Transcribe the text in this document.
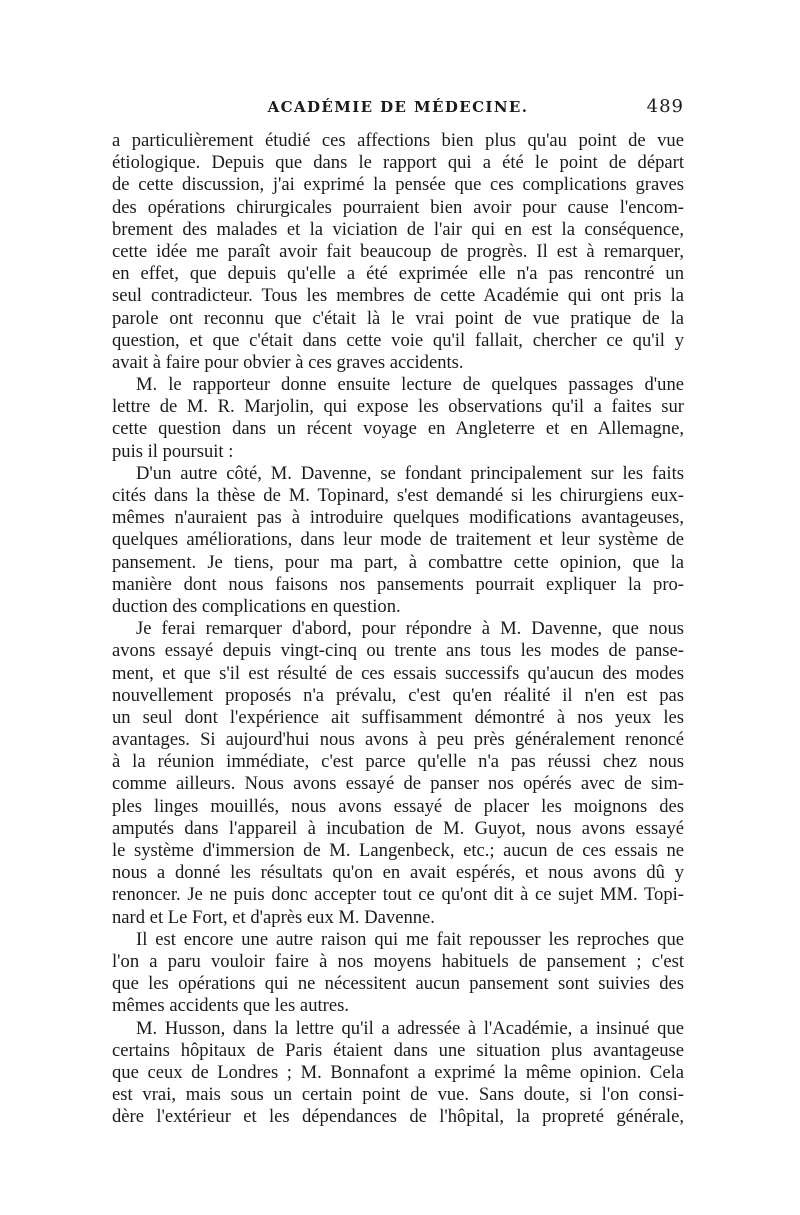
ACADÉMIE DE MÉDECINE.	489
a particulièrement étudié ces affections bien plus qu'au point de vue
étiologique. Depuis que dans le rapport qui a été le point de départ
de cette discussion, j'ai exprimé la pensée que ces complications graves
des opérations chirurgicales pourraient bien avoir pour cause l'encom-
brement des malades et la viciation de l'air qui en est la conséquence,
cette idée me paraît avoir fait beaucoup de progrès. Il est à remarquer,
en effet, que depuis qu'elle a été exprimée elle n'a pas rencontré un
seul contradicteur. Tous les membres de cette Académie qui ont pris la
parole ont reconnu que c'était là le vrai point de vue pratique de la
question, et que c'était dans cette voie qu'il fallait, chercher ce qu'il y
avait à faire pour obvier à ces graves accidents.
M. le rapporteur donne ensuite lecture de quelques passages d'une
lettre de M. R. Marjolin, qui expose les observations qu'il a faites sur
cette question dans un récent voyage en Angleterre et en Allemagne,
puis il poursuit :
D'un autre côté, M. Davenne, se fondant principalement sur les faits
cités dans la thèse de M. Topinard, s'est demandé si les chirurgiens eux-
mêmes n'auraient pas à introduire quelques modifications avantageuses,
quelques améliorations, dans leur mode de traitement et leur système de
pansement. Je tiens, pour ma part, à combattre cette opinion, que la
manière dont nous faisons nos pansements pourrait expliquer la pro-
duction des complications en question.
Je ferai remarquer d'abord, pour répondre à M. Davenne, que nous
avons essayé depuis vingt-cinq ou trente ans tous les modes de panse-
ment, et que s'il est résulté de ces essais successifs qu'aucun des modes
nouvellement proposés n'a prévalu, c'est qu'en réalité il n'en est pas
un seul dont l'expérience ait suffisamment démontré à nos yeux les
avantages. Si aujourd'hui nous avons à peu près généralement renoncé
à la réunion immédiate, c'est parce qu'elle n'a pas réussi chez nous
comme ailleurs. Nous avons essayé de panser nos opérés avec de sim-
ples linges mouillés, nous avons essayé de placer les moignons des
amputés dans l'appareil à incubation de M. Guyot, nous avons essayé
le système d'immersion de M. Langenbeck, etc.; aucun de ces essais ne
nous a donné les résultats qu'on en avait espérés, et nous avons dû y
renoncer. Je ne puis donc accepter tout ce qu'ont dit à ce sujet MM. Topi-
nard et Le Fort, et d'après eux M. Davenne.
Il est encore une autre raison qui me fait repousser les reproches que
l'on a paru vouloir faire à nos moyens habituels de pansement ; c'est
que les opérations qui ne nécessitent aucun pansement sont suivies des
mêmes accidents que les autres.
M. Husson, dans la lettre qu'il a adressée à l'Académie, a insinué que
certains hôpitaux de Paris étaient dans une situation plus avantageuse
que ceux de Londres ; M. Bonnafont a exprimé la même opinion. Cela
est vrai, mais sous un certain point de vue. Sans doute, si l'on consi-
dère l'extérieur et les dépendances de l'hôpital, la propreté générale,
